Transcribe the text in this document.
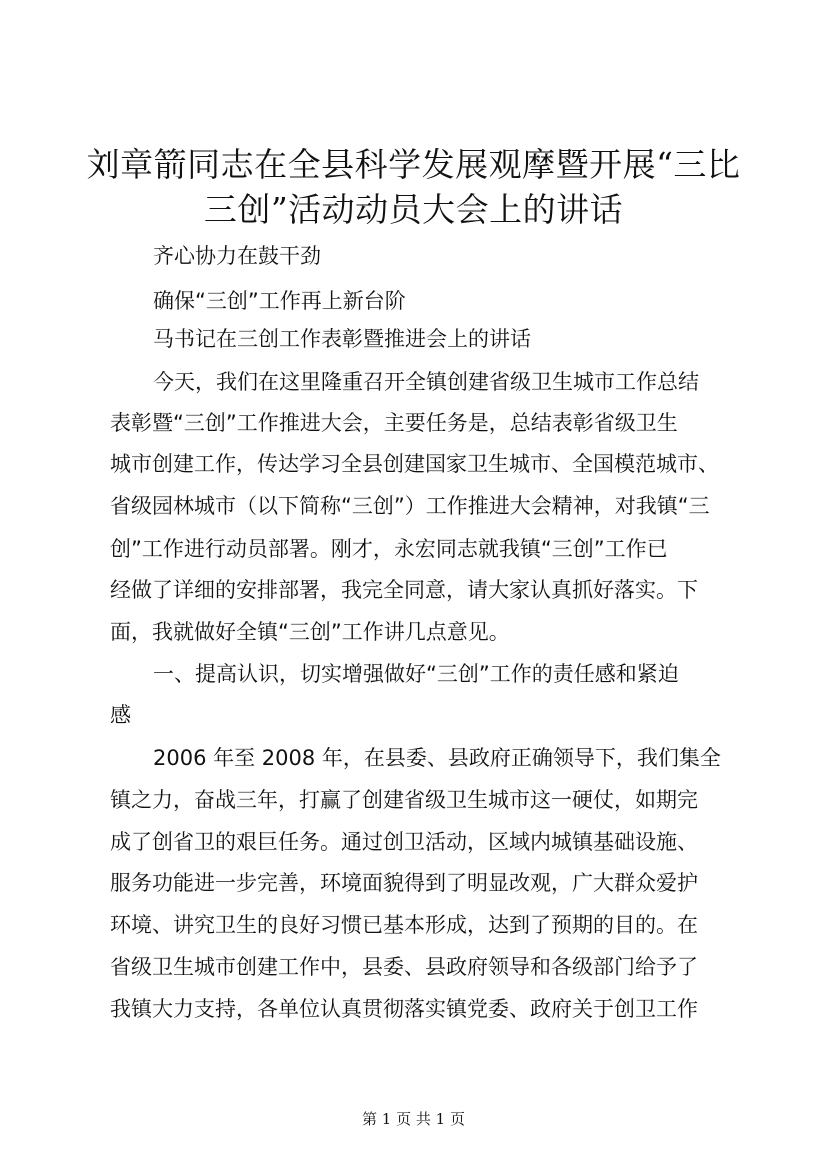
刘章箭同志在全县科学发展观摩暨开展“三比
三创”活动动员大会上的讲话
齐心协力在鼓干劲
确保“三创”工作再上新台阶
马书记在三创工作表彰暨推进会上的讲话
今天，我们在这里隆重召开全镇创建省级卫生城市工作总结
表彰暨“三创”工作推进大会，主要任务是，总结表彰省级卫生
城市创建工作，传达学习全县创建国家卫生城市、全国模范城市、
省级园林城市（以下简称“三创”）工作推进大会精神，对我镇“三
创”工作进行动员部署。刚才，永宏同志就我镇“三创”工作已
经做了详细的安排部署，我完全同意，请大家认真抓好落实。下
面，我就做好全镇“三创”工作讲几点意见。
一、提高认识，切实增强做好“三创”工作的责任感和紧迫
感
2006 年至 2008 年，在县委、县政府正确领导下，我们集全
镇之力，奋战三年，打赢了创建省级卫生城市这一硬仗，如期完
成了创省卫的艰巨任务。通过创卫活动，区域内城镇基础设施、
服务功能进一步完善，环境面貌得到了明显改观，广大群众爱护
环境、讲究卫生的良好习惯已基本形成，达到了预期的目的。在
省级卫生城市创建工作中，县委、县政府领导和各级部门给予了
我镇大力支持，各单位认真贯彻落实镇党委、政府关于创卫工作
第 1 页 共 1 页
